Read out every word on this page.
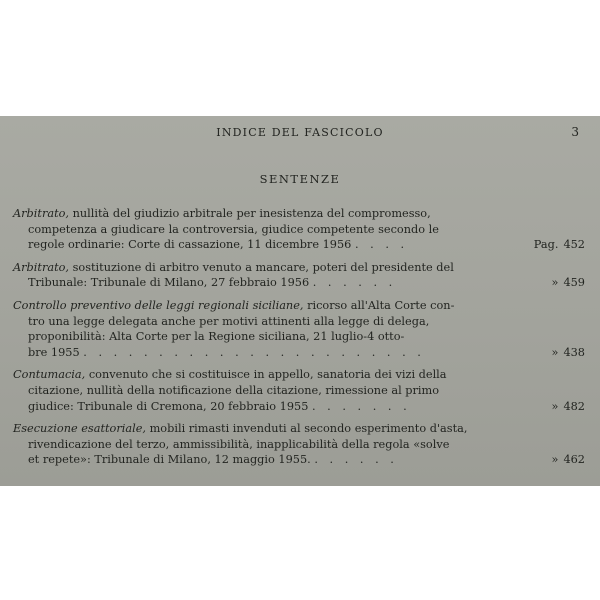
INDICE DEL FASCICOLO	3
SENTENZE
Arbitrato, nullità del giudizio arbitrale per inesistenza del compromesso,
competenza a giudicare la controversia, giudice competente secondo le
regole ordinarie: Corte di cassazione, 11 dicembre 1956 . . . .	Pag. 452
Arbitrato, sostituzione di arbitro venuto a mancare, poteri del presidente del
Tribunale: Tribunale di Milano, 27 febbraio 1956 . . . . . .	» 459
Controllo preventivo delle leggi regionali siciliane, ricorso all'Alta Corte con-
tro una legge delegata anche per motivi attinenti alla legge di delega,
proponibilità: Alta Corte per la Regione siciliana, 21 luglio-4 otto-
bre 1955 . . . . . . . . . . . . . . . . . . . . . . .	» 438
Contumacia, convenuto che si costituisce in appello, sanatoria dei vizi della
citazione, nullità della notificazione della citazione, rimessione al primo
giudice: Tribunale di Cremona, 20 febbraio 1955 . . . . . . .	» 482
Esecuzione esattoriale, mobili rimasti invenduti al secondo esperimento d'asta,
rivendicazione del terzo, ammissibilità, inapplicabilità della regola «solve
et repete»: Tribunale di Milano, 12 maggio 1955. . . . . . .	» 462
